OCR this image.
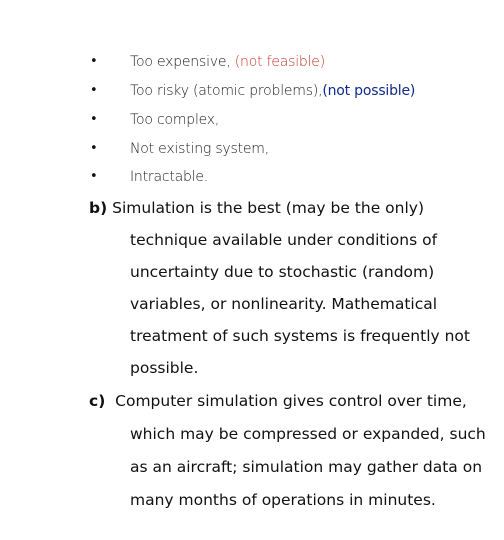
• Too expensive, (not feasible)
• Too risky (atomic problems),(not possible)
• Too complex,
• Not existing system,
• Intractable.
b) Simulation is the best (may be the only)
technique available under conditions of
uncertainty due to stochastic (random)
variables, or nonlinearity. Mathematical
treatment of such systems is frequently not
possible.
c) Computer simulation gives control over time,
which may be compressed or expanded, such
as an aircraft; simulation may gather data on
many months of operations in minutes.
